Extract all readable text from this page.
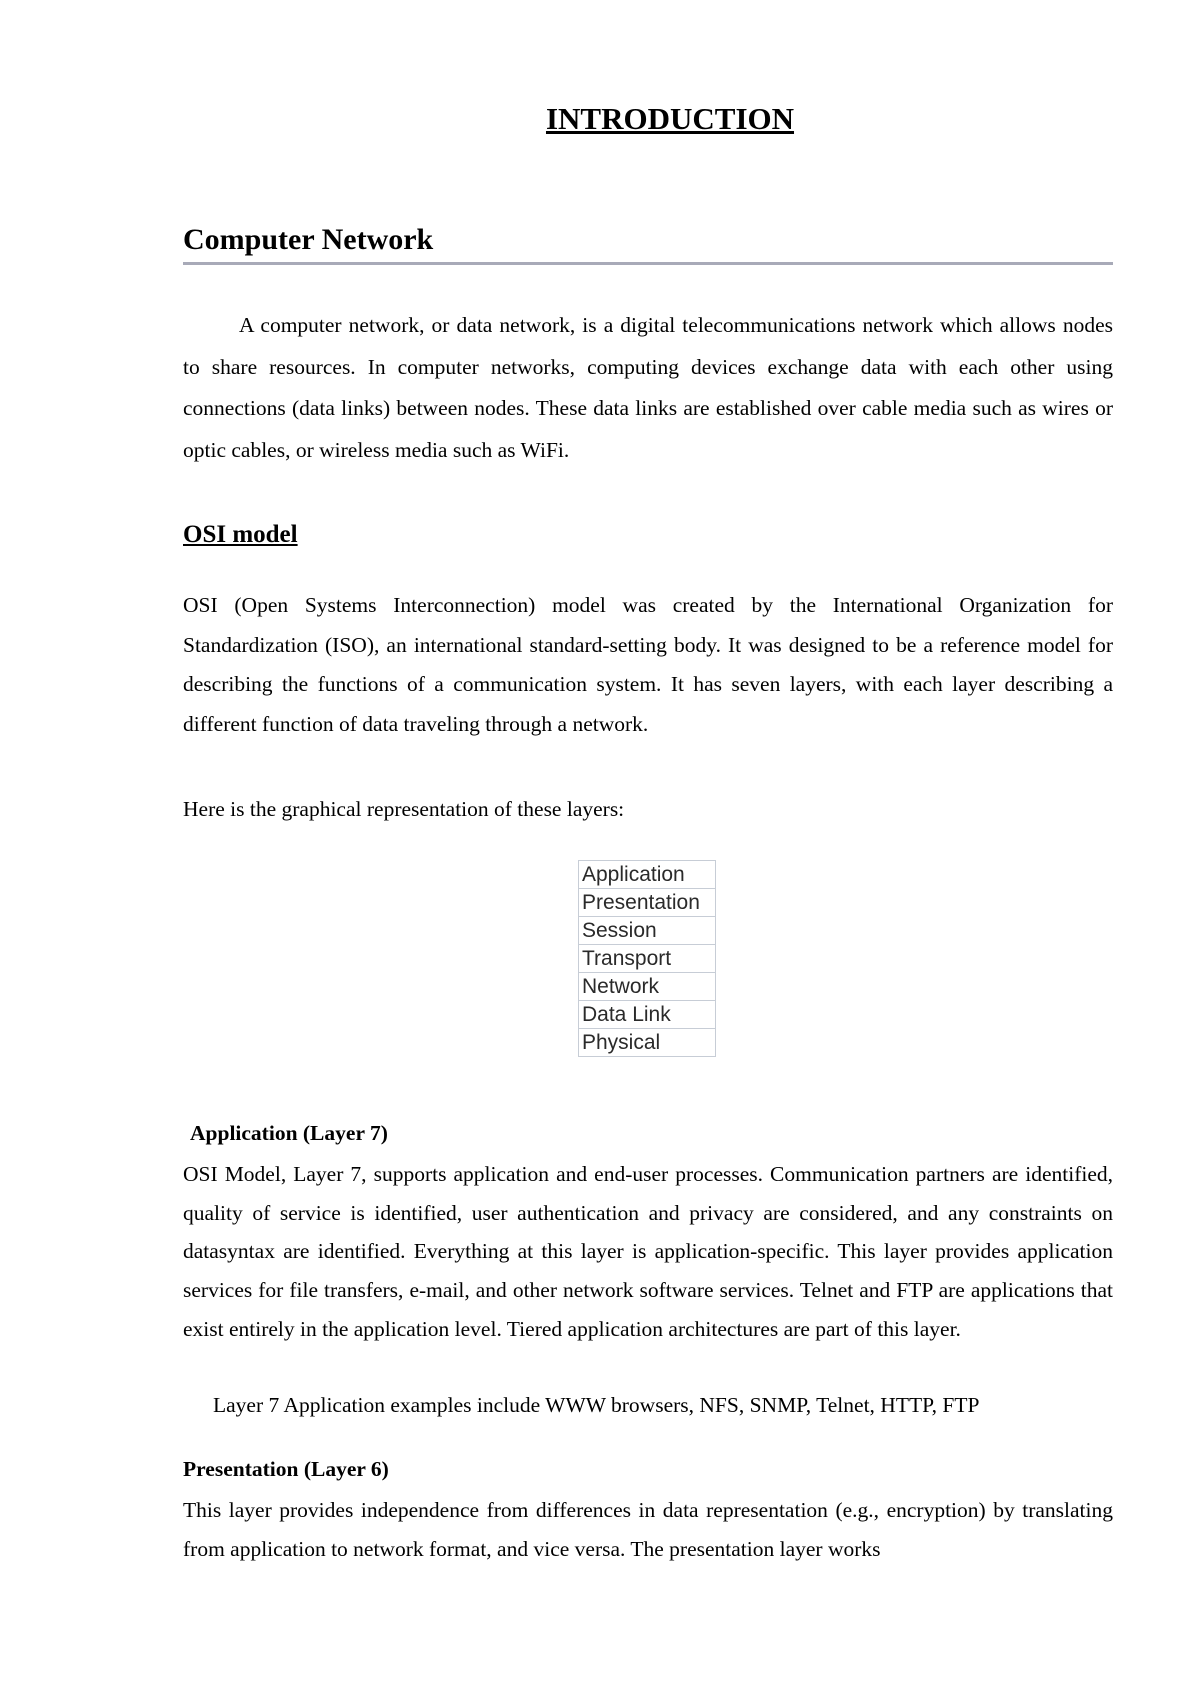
INTRODUCTION
Computer Network

A computer network, or data network, is a digital telecommunications network which allows nodes to share resources. In computer networks, computing devices exchange data with each other using connections (data links) between nodes. These data links are established over cable media such as wires or optic cables, or wireless media such as WiFi.

OSI model

OSI (Open Systems Interconnection) model was created by the International Organization for Standardization (ISO), an international standard-setting body. It was designed to be a reference model for describing the functions of a communication system. It has seven layers, with each layer describing a different function of data traveling through a network.

Here is the graphical representation of these layers:

Application
Presentation
Session
Transport
Network
Data Link
Physical
Application (Layer 7)

OSI Model, Layer 7, supports application and end-user processes. Communication partners are identified, quality of service is identified, user authentication and privacy are considered, and any constraints on datasyntax are identified. Everything at this layer is application-specific. This layer provides application services for file transfers, e-mail, and other network software services. Telnet and FTP are applications that exist entirely in the application level. Tiered application architectures are part of this layer.

Layer 7 Application examples include WWW browsers, NFS, SNMP, Telnet, HTTP, FTP

Presentation (Layer 6)

This layer provides independence from differences in data representation (e.g., encryption) by translating from application to network format, and vice versa. The presentation layer works
